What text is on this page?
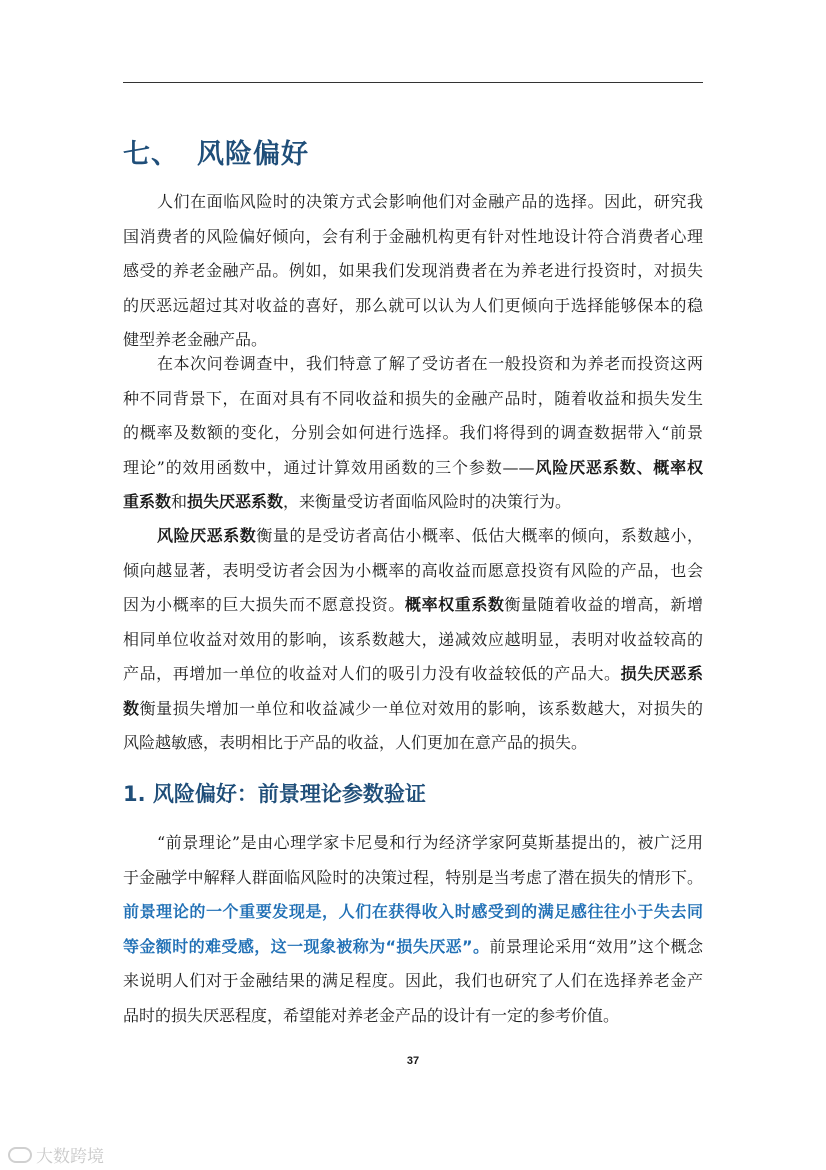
七、 风险偏好
人们在面临风险时的决策方式会影响他们对金融产品的选择。因此，研究我
国消费者的风险偏好倾向，会有利于金融机构更有针对性地设计符合消费者心理
感受的养老金融产品。例如，如果我们发现消费者在为养老进行投资时，对损失
的厌恶远超过其对收益的喜好，那么就可以认为人们更倾向于选择能够保本的稳
健型养老金融产品。
在本次问卷调查中，我们特意了解了受访者在一般投资和为养老而投资这两
种不同背景下，在面对具有不同收益和损失的金融产品时，随着收益和损失发生
的概率及数额的变化，分别会如何进行选择。我们将得到的调查数据带入“前景
理论”的效用函数中，通过计算效用函数的三个参数——风险厌恶系数、概率权
重系数和损失厌恶系数，来衡量受访者面临风险时的决策行为。
风险厌恶系数衡量的是受访者高估小概率、低估大概率的倾向，系数越小，
倾向越显著，表明受访者会因为小概率的高收益而愿意投资有风险的产品，也会
因为小概率的巨大损失而不愿意投资。概率权重系数衡量随着收益的增高，新增
相同单位收益对效用的影响，该系数越大，递减效应越明显，表明对收益较高的
产品，再增加一单位的收益对人们的吸引力没有收益较低的产品大。损失厌恶系
数衡量损失增加一单位和收益减少一单位对效用的影响，该系数越大，对损失的
风险越敏感，表明相比于产品的收益，人们更加在意产品的损失。
1. 风险偏好：前景理论参数验证
“前景理论”是由心理学家卡尼曼和行为经济学家阿莫斯基提出的，被广泛用
于金融学中解释人群面临风险时的决策过程，特别是当考虑了潜在损失的情形下。
前景理论的一个重要发现是，人们在获得收入时感受到的满足感往往小于失去同
等金额时的难受感，这一现象被称为“损失厌恶”。前景理论采用“效用”这个概念
来说明人们对于金融结果的满足程度。因此，我们也研究了人们在选择养老金产
品时的损失厌恶程度，希望能对养老金产品的设计有一定的参考价值。
37
大数跨境
